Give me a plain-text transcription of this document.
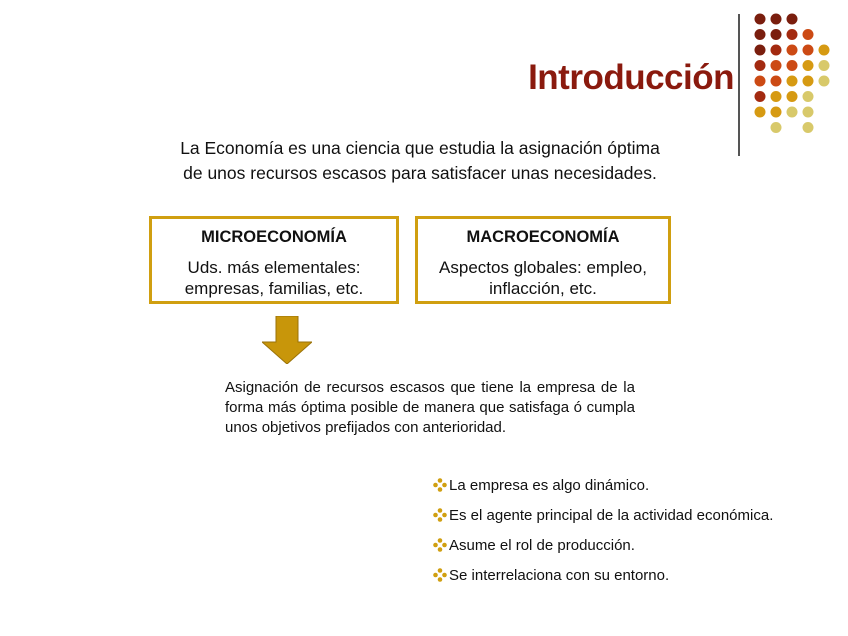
Introducción
La Economía es una ciencia que estudia la asignación óptima
de unos recursos escasos para satisfacer unas necesidades.
MICROECONOMÍA
Uds. más elementales:
empresas, familias, etc.
MACROECONOMÍA
Aspectos globales: empleo,
inflacción, etc.
Asignación de recursos escasos que tiene la empresa de la forma más óptima posible de manera que satisfaga ó cumpla unos objetivos prefijados con anterioridad.
La empresa es algo dinámico.
Es el agente principal de la actividad económica.
Asume el rol de producción.
Se interrelaciona con su entorno.
